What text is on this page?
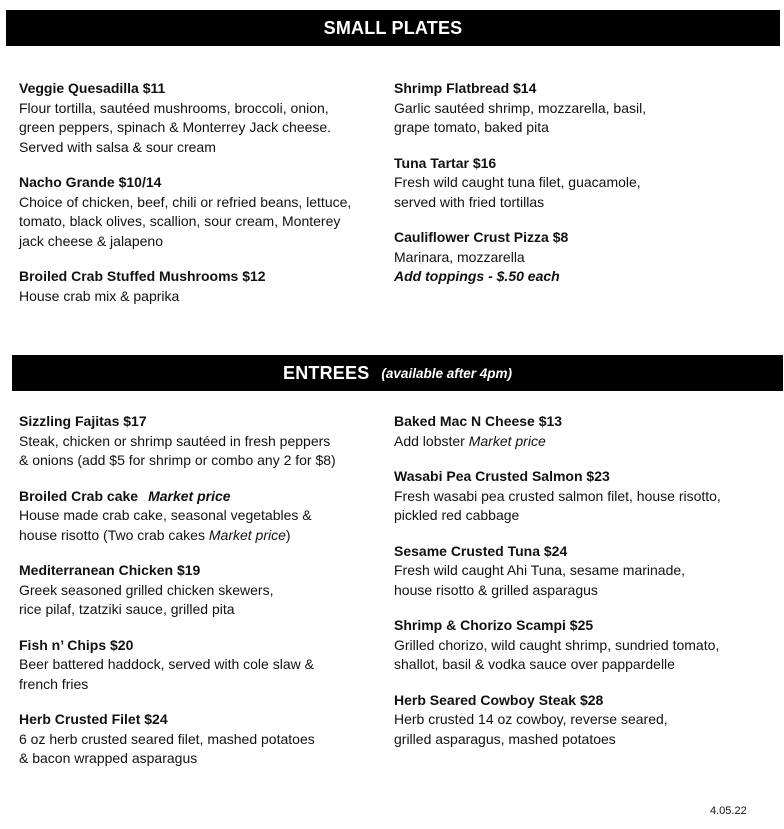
SMALL PLATES

Veggie Quesadilla $11

Flour tortilla, sautéed mushrooms, broccoli, onion,

green peppers, spinach & Monterrey Jack cheese.

Served with salsa & sour cream

Nacho Grande $10/14

Choice of chicken, beef, chili or refried beans, lettuce,

tomato, black olives, scallion, sour cream, Monterey

jack cheese & jalapeno

Broiled Crab Stuffed Mushrooms $12

House crab mix & paprika

Shrimp Flatbread $14

Garlic sautéed shrimp, mozzarella, basil,

grape tomato, baked pita

Tuna Tartar $16

Fresh wild caught tuna filet, guacamole,

served with fried tortillas

Cauliflower Crust Pizza $8

Marinara, mozzarella

Add toppings - $.50 each

ENTREES (available after 4pm)

Sizzling Fajitas $17

Steak, chicken or shrimp sautéed in fresh peppers

& onions (add $5 for shrimp or combo any 2 for $8)

Broiled Crab cake Market price

House made crab cake, seasonal vegetables &

house risotto (Two crab cakes Market price)

Mediterranean Chicken $19

Greek seasoned grilled chicken skewers,

rice pilaf, tzatziki sauce, grilled pita

Fish n’ Chips $20

Beer battered haddock, served with cole slaw &

french fries

Herb Crusted Filet $24

6 oz herb crusted seared filet, mashed potatoes

& bacon wrapped asparagus

Baked Mac N Cheese $13

Add lobster Market price

Wasabi Pea Crusted Salmon $23

Fresh wasabi pea crusted salmon filet, house risotto,

pickled red cabbage

Sesame Crusted Tuna $24

Fresh wild caught Ahi Tuna, sesame marinade,

house risotto & grilled asparagus

Shrimp & Chorizo Scampi $25

Grilled chorizo, wild caught shrimp, sundried tomato,

shallot, basil & vodka sauce over pappardelle

Herb Seared Cowboy Steak $28

Herb crusted 14 oz cowboy, reverse seared,

grilled asparagus, mashed potatoes

4.05.22
